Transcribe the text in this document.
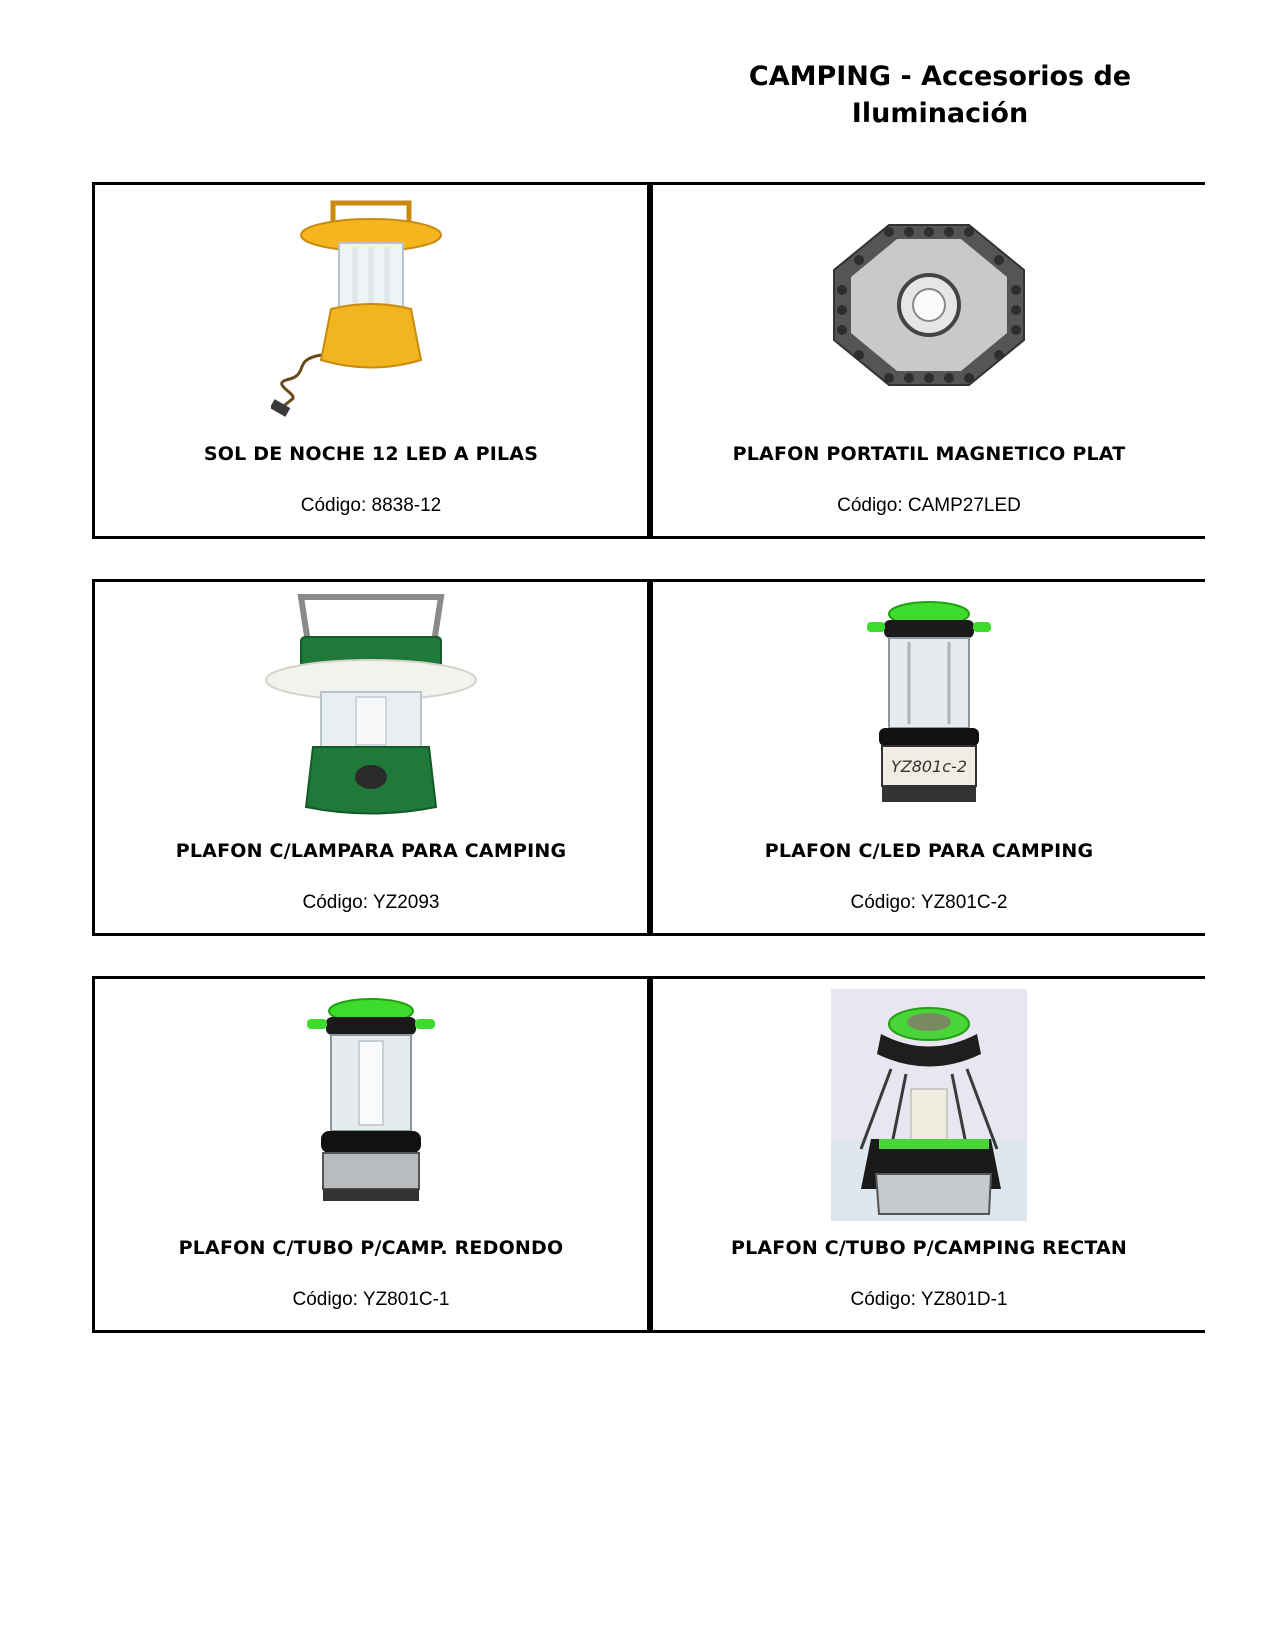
CAMPING - Accesorios de
Iluminación
SOL DE NOCHE 12 LED A PILAS
Código: 8838-12
PLAFON PORTATIL MAGNETICO PLAT
Código: CAMP27LED
PLAFON C/LAMPARA PARA CAMPING
Código: YZ2093
YZ801c-2
PLAFON C/LED PARA CAMPING
Código: YZ801C-2
PLAFON C/TUBO P/CAMP. REDONDO
Código: YZ801C-1
PLAFON C/TUBO P/CAMPING RECTAN
Código: YZ801D-1
